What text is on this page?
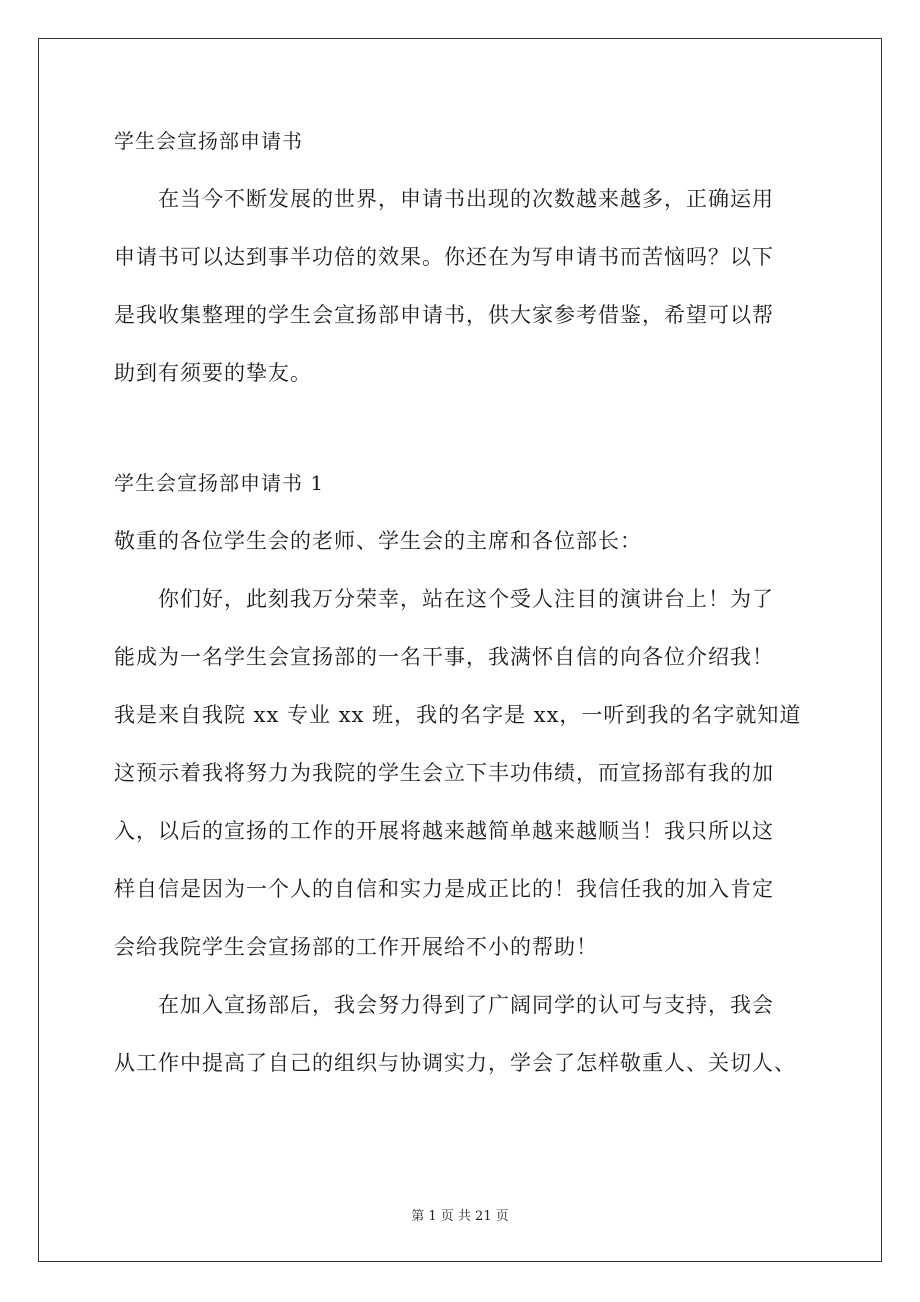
学生会宣扬部申请书
在当今不断发展的世界，申请书出现的次数越来越多，正确运用
申请书可以达到事半功倍的效果。你还在为写申请书而苦恼吗？以下
是我收集整理的学生会宣扬部申请书，供大家参考借鉴，希望可以帮
助到有须要的挚友。
学生会宣扬部申请书 1
敬重的各位学生会的老师、学生会的主席和各位部长：
你们好，此刻我万分荣幸，站在这个受人注目的演讲台上！为了
能成为一名学生会宣扬部的一名干事，我满怀自信的向各位介绍我！
我是来自我院 xx 专业 xx 班，我的名字是 xx，一听到我的名字就知道
这预示着我将努力为我院的学生会立下丰功伟绩，而宣扬部有我的加
入，以后的宣扬的工作的开展将越来越简单越来越顺当！我只所以这
样自信是因为一个人的自信和实力是成正比的！我信任我的加入肯定
会给我院学生会宣扬部的工作开展给不小的帮助！
在加入宣扬部后，我会努力得到了广阔同学的认可与支持，我会
从工作中提高了自己的组织与协调实力，学会了怎样敬重人、关切人、
第 1 页 共 21 页
